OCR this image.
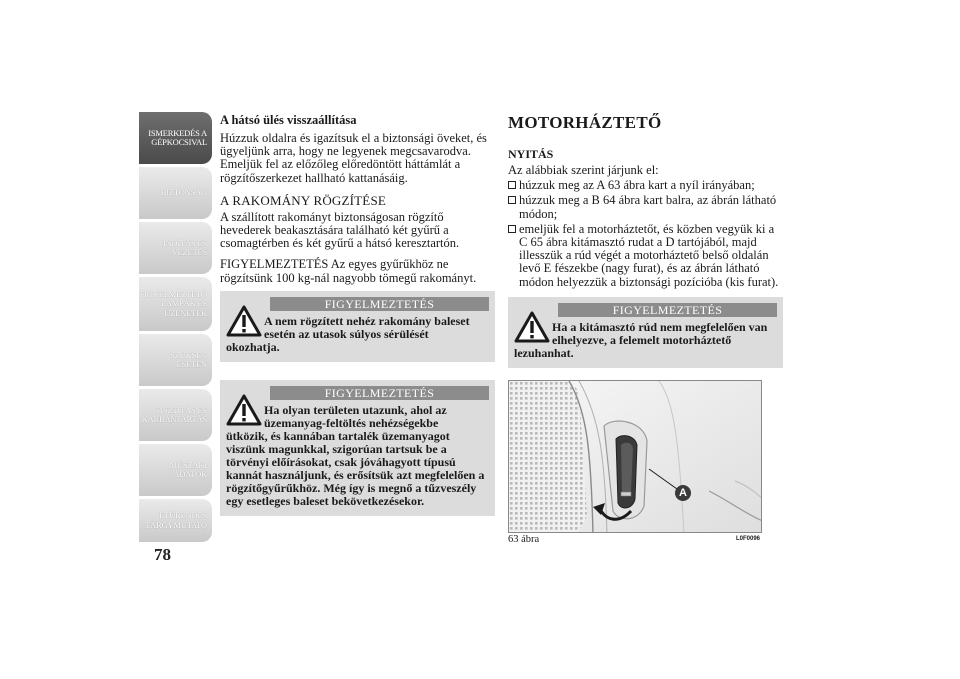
ISMERKEDÉS A
GÉPKOCSIVAL
BIZTONSÁG
INDÍTÁS ÉS
VEZETÉS
FIGYELMEZTETŐ
LÁMPÁK ÉS
ÜZENETEK
SZÜKSÉG ESETÉN
TISZTÍTÁS ÉS
KARBANTARTÁS
MŰSZAKI ADATOK
ETŰRENDES
TÁRGYMUTATÓ
78
A hátsó ülés visszaállítása
Húzzuk oldalra és igazítsuk el a biztonsági öveket, és ügyeljünk arra, hogy ne legyenek megcsavarodva. Emeljük fel az előzőleg előredöntött háttámlát a rögzítőszerkezet hallható kattanásáig.
A RAKOMÁNY RÖGZÍTÉSE
A szállított rakományt biztonságosan rögzítő hevederek beakasztására található két gyűrű a csomagtérben és két gyűrű a hátsó keresztartón.
FIGYELMEZTETÉS Az egyes gyűrűkhöz ne rögzítsünk 100 kg-nál nagyobb tömegű rakományt.
FIGYELMEZTETÉS
A nem rögzített nehéz rakomány baleset
esetén az utasok súlyos sérülését
okozhatja.
FIGYELMEZTETÉS
Ha olyan területen utazunk, ahol az
üzemanyag-feltöltés nehézségekbe
ütközik, és kannában tartalék üzemanyagot viszünk magunkkal, szigorúan tartsuk be a törvényi előírásokat, csak jóváhagyott típusú kannát használjunk, és erősítsük azt megfelelően a rögzítőgyűrűkhöz. Még így is megnő a tűzveszély egy esetleges baleset bekövetkezésekor.
MOTORHÁZTETŐ
NYITÁS
Az alábbiak szerint járjunk el:
húzzuk meg az A 63 ábra kart a nyíl irányában;
húzzuk meg a B 64 ábra kart balra, az ábrán látható módon;
emeljük fel a motorháztetőt, és közben vegyük ki a C 65 ábra kitámasztó rudat a D tartójából, majd illesszük a rúd végét a motorháztető belső oldalán levő E fészekbe (nagy furat), és az ábrán látható módon helyezzük a biztonsági pozícióba (kis furat).
FIGYELMEZTETÉS
Ha a kitámasztó rúd nem megfelelően van
elhelyezve, a felemelt motorháztető
lezuhanhat.
A
63 ábra	L0F0096
